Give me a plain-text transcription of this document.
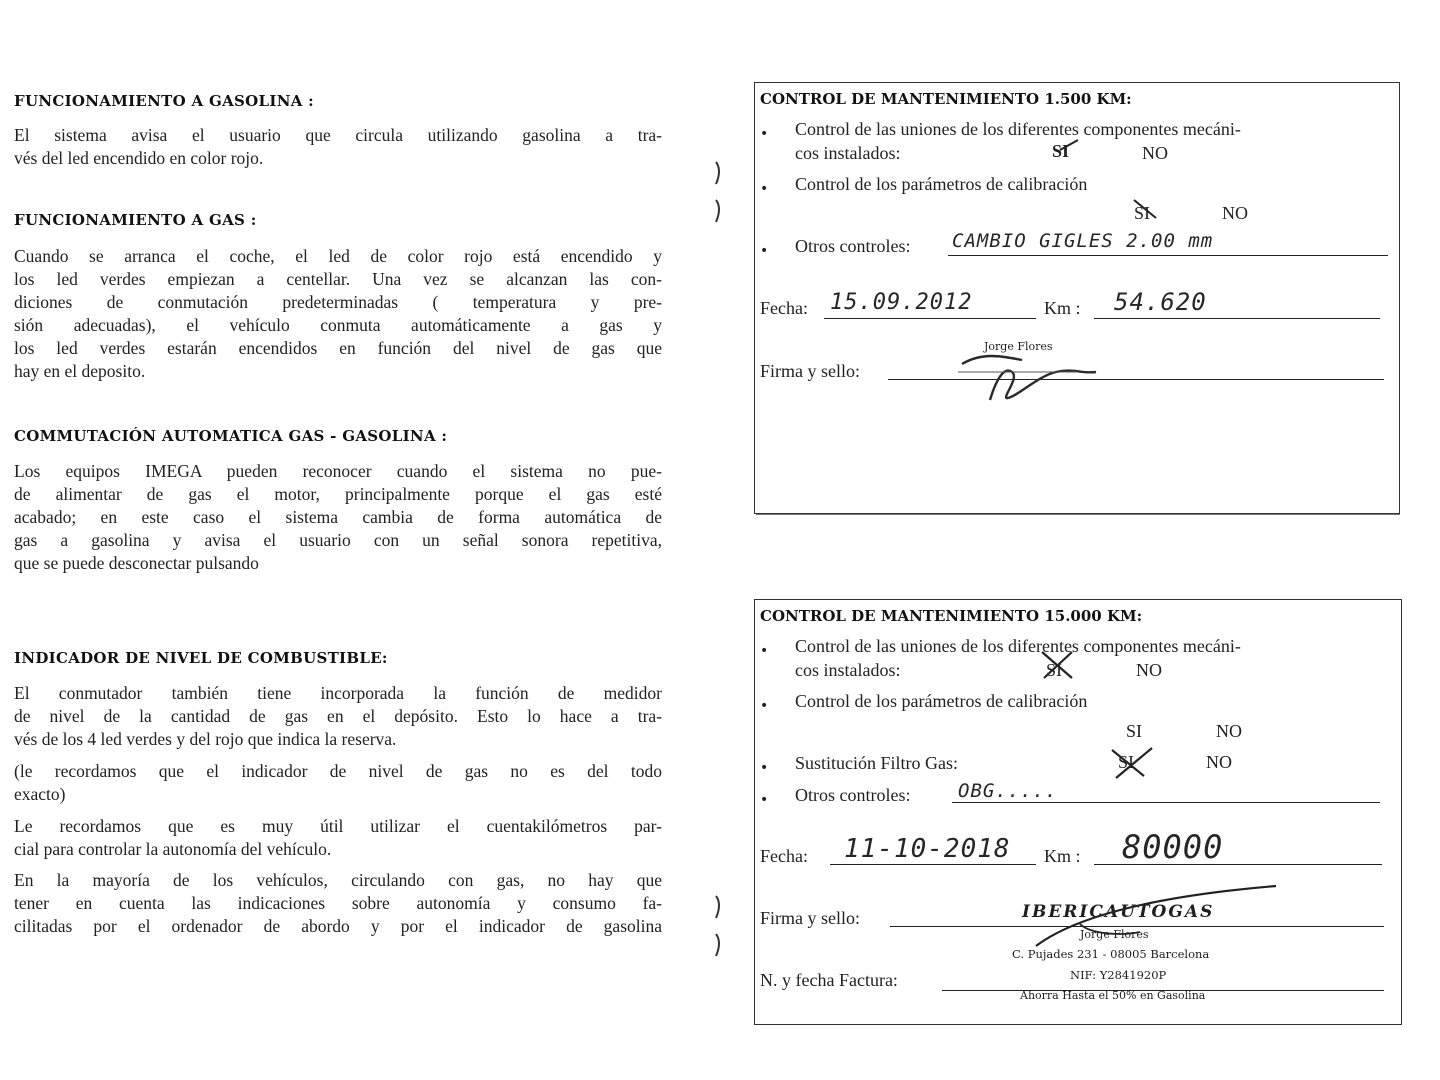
FUNCIONAMIENTO A GASOLINA :
El sistema avisa el usuario que circula utilizando gasolina a tra-
vés del led encendido en color rojo.
FUNCIONAMIENTO A GAS :
Cuando se arranca el coche, el led de color rojo está encendido y
los led verdes empiezan a centellar. Una vez se alcanzan las con-
diciones de conmutación predeterminadas ( temperatura y pre-
sión adecuadas), el vehículo conmuta automáticamente a gas y
los led verdes estarán encendidos en función del nivel de gas que
hay en el deposito.
COMMUTACIÓN AUTOMATICA GAS - GASOLINA :
Los equipos IMEGA pueden reconocer cuando el sistema no pue-
de alimentar de gas el motor, principalmente porque el gas esté
acabado; en este caso el sistema cambia de forma automática de
gas a gasolina y avisa el usuario con un señal sonora repetitiva,
que se puede desconectar pulsando
INDICADOR DE NIVEL DE COMBUSTIBLE:
El conmutador también tiene incorporada la función de medidor
de nivel de la cantidad de gas en el depósito. Esto lo hace a tra-
vés de los 4 led verdes y del rojo que indica la reserva.
(le recordamos que el indicador de nivel de gas no es del todo
exacto)
Le recordamos que es muy útil utilizar el cuentakilómetros par-
cial para controlar la autonomía del vehículo.
En la mayoría de los vehículos, circulando con gas, no hay que
tener en cuenta las indicaciones sobre autonomía y consumo fa-
cilitadas por el ordenador de abordo y por el indicador de gasolina
CONTROL DE MANTENIMIENTO 1.500 KM:
• Control de las uniones de los diferentes componentes mecáni-
cos instalados:	SI	NO
• Control de los parámetros de calibración
SI	NO
• Otros controles: CAMBIO GIGLES 2.00 mm
Fecha: 15.09.2012	Km : 54.620
Firma y sello:
Jorge Flores
CONTROL DE MANTENIMIENTO 15.000 KM:
• Control de las uniones de los diferentes componentes mecáni-
cos instalados:	SI	NO
• Control de los parámetros de calibración
SI	NO
• Sustitución Filtro Gas:	SI	NO
• Otros controles:	OBG.....
Fecha: 11-10-2018 Km : 80000
Firma y sello:
N. y fecha Factura:
IBERICAUTOGAS
Jorge Flores
C. Pujades 231 - 08005 Barcelona
NIF: Y2841920P
Ahorra Hasta el 50% en Gasolina
